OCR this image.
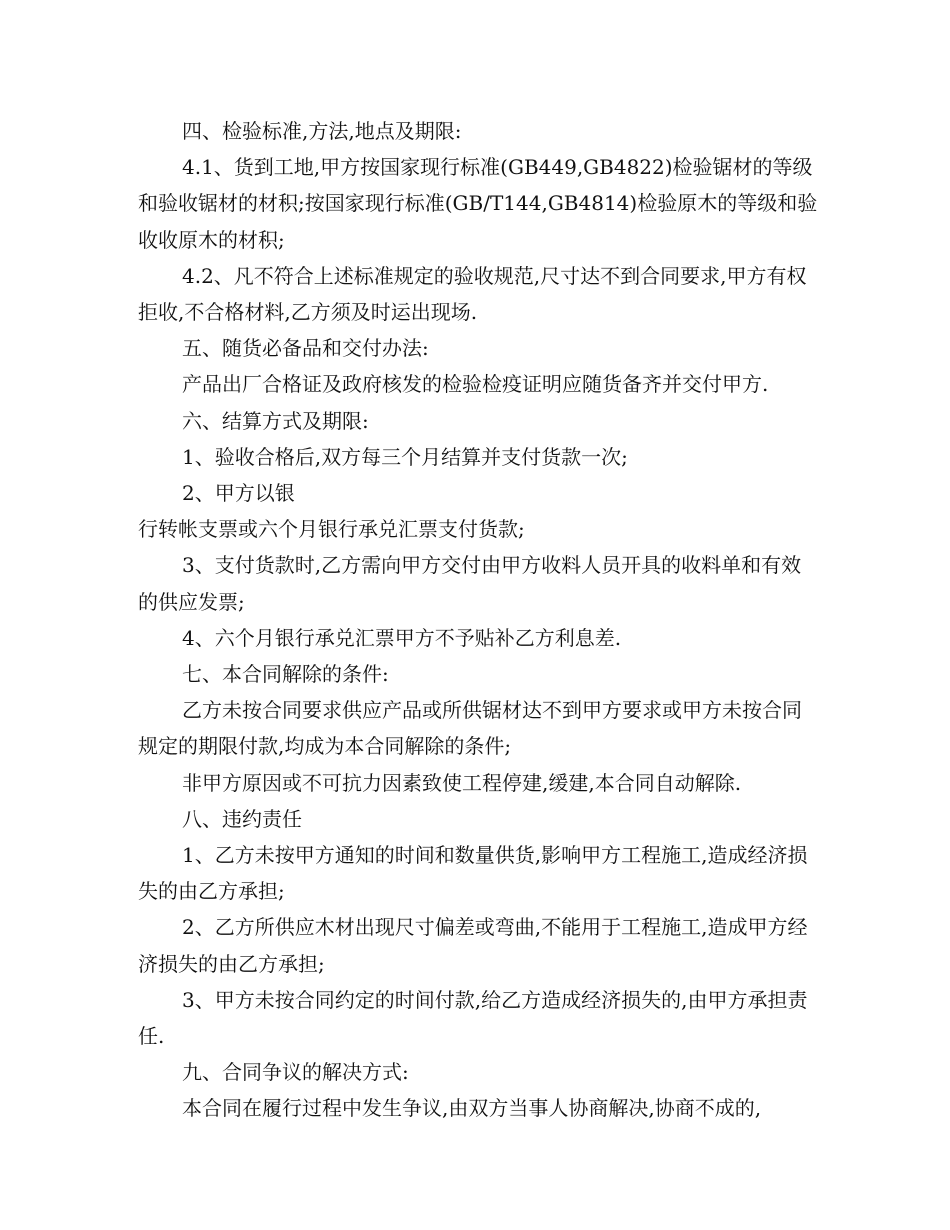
四、检验标准,方法,地点及期限:

4.1、货到工地,甲方按国家现行标准(GB449,GB4822)检验锯材的等级和验收锯材的材积;按国家现行标准(GB/T144,GB4814)检验原木的等级和验收收原木的材积;

4.2、凡不符合上述标准规定的验收规范,尺寸达不到合同要求,甲方有权拒收,不合格材料,乙方须及时运出现场.

五、随货必备品和交付办法:

产品出厂合格证及政府核发的检验检疫证明应随货备齐并交付甲方.

六、结算方式及期限:

1、验收合格后,双方每三个月结算并支付货款一次;

2、甲方以银

行转帐支票或六个月银行承兑汇票支付货款;

3、支付货款时,乙方需向甲方交付由甲方收料人员开具的收料单和有效的供应发票;

4、六个月银行承兑汇票甲方不予贴补乙方利息差.

七、本合同解除的条件:

乙方未按合同要求供应产品或所供锯材达不到甲方要求或甲方未按合同规定的期限付款,均成为本合同解除的条件;

非甲方原因或不可抗力因素致使工程停建,缓建,本合同自动解除.

八、违约责任

1、乙方未按甲方通知的时间和数量供货,影响甲方工程施工,造成经济损失的由乙方承担;

2、乙方所供应木材出现尺寸偏差或弯曲,不能用于工程施工,造成甲方经济损失的由乙方承担;

3、甲方未按合同约定的时间付款,给乙方造成经济损失的,由甲方承担责任.

九、合同争议的解决方式:

本合同在履行过程中发生争议,由双方当事人协商解决,协商不成的,
